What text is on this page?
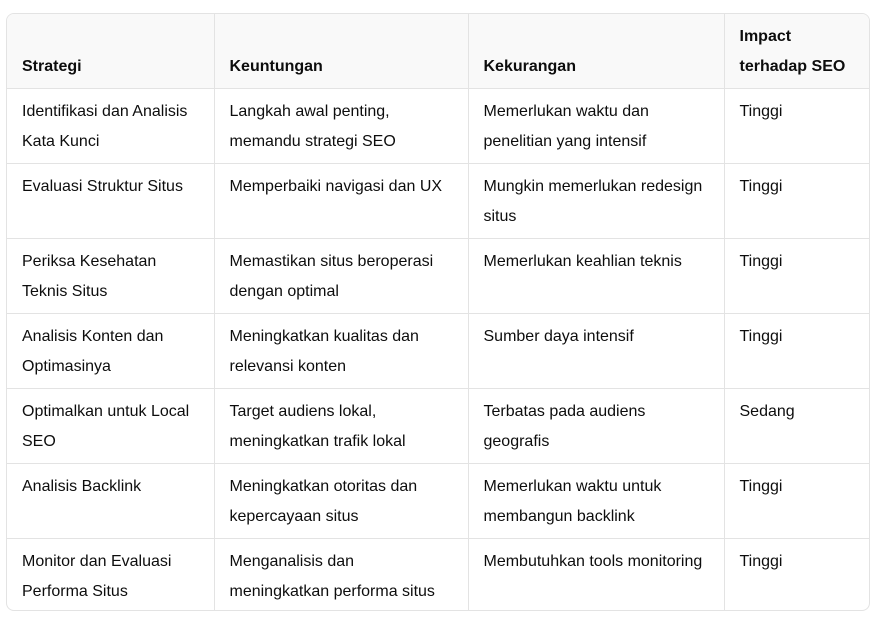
Strategi	Keuntungan	Kekurangan	Impact terhadap SEO
Identifikasi dan Analisis Kata Kunci	Langkah awal penting, memandu strategi SEO	Memerlukan waktu dan penelitian yang intensif	Tinggi
Evaluasi Struktur Situs	Memperbaiki navigasi dan UX	Mungkin memerlukan redesign situs	Tinggi
Periksa Kesehatan Teknis Situs	Memastikan situs beroperasi dengan optimal	Memerlukan keahlian teknis	Tinggi
Analisis Konten dan Optimasinya	Meningkatkan kualitas dan relevansi konten	Sumber daya intensif	Tinggi
Optimalkan untuk Local SEO	Target audiens lokal, meningkatkan trafik lokal	Terbatas pada audiens geografis	Sedang
Analisis Backlink	Meningkatkan otoritas dan kepercayaan situs	Memerlukan waktu untuk membangun backlink	Tinggi
Monitor dan Evaluasi Performa Situs	Menganalisis dan meningkatkan performa situs	Membutuhkan tools monitoring	Tinggi
